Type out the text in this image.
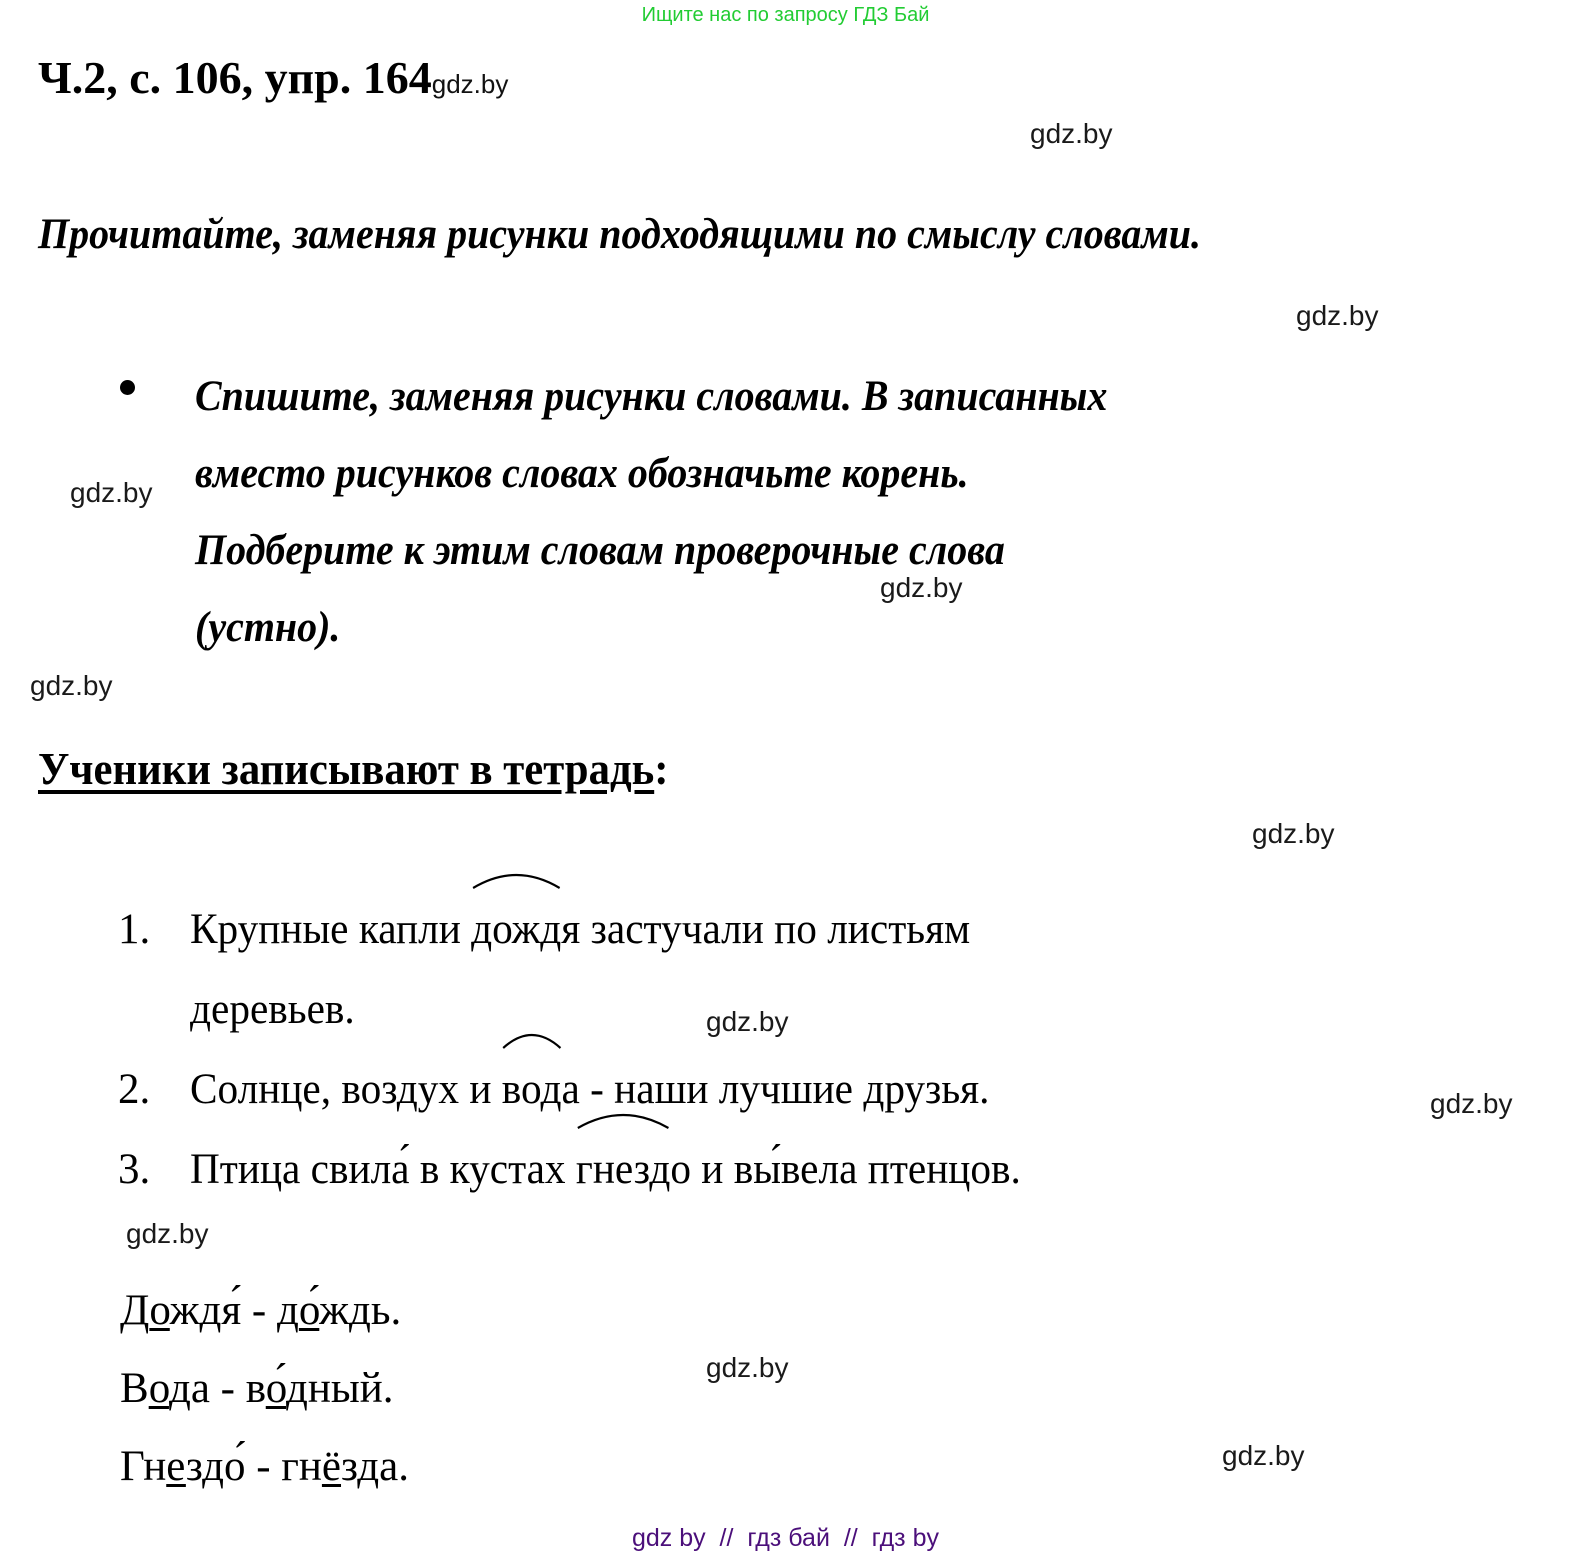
Ищите нас по запросу ГДЗ Бай
Ч.2, с. 106, упр. 164gdz.by
Прочитайте, заменяя рисунки подходящими по смыслу словами.
Спишите, заменяя рисунки словами. В записанных
вместо рисунков словах обозначьте корень.
Подберите к этим словам проверочные слова
(устно).
Ученики записывают в тетрадь:
1. Крупные капли
дождя застучали по листьям
деревьев.
2. Солнце, воздух и
вода - наши лучшие друзья.
3. Птица свила́ в кустах
гнездо и вы́вела птенцов.
Дождя́ - до́ждь.
Вода - во́дный.
Гнездо́ - гнёзда.
gdz.by
gdz.by
gdz.by
gdz.by
gdz.by
gdz.by
gdz.by
gdz.by
gdz.by
gdz.by
gdz.by
gdz by  //  гдз бай  //  гдз by
